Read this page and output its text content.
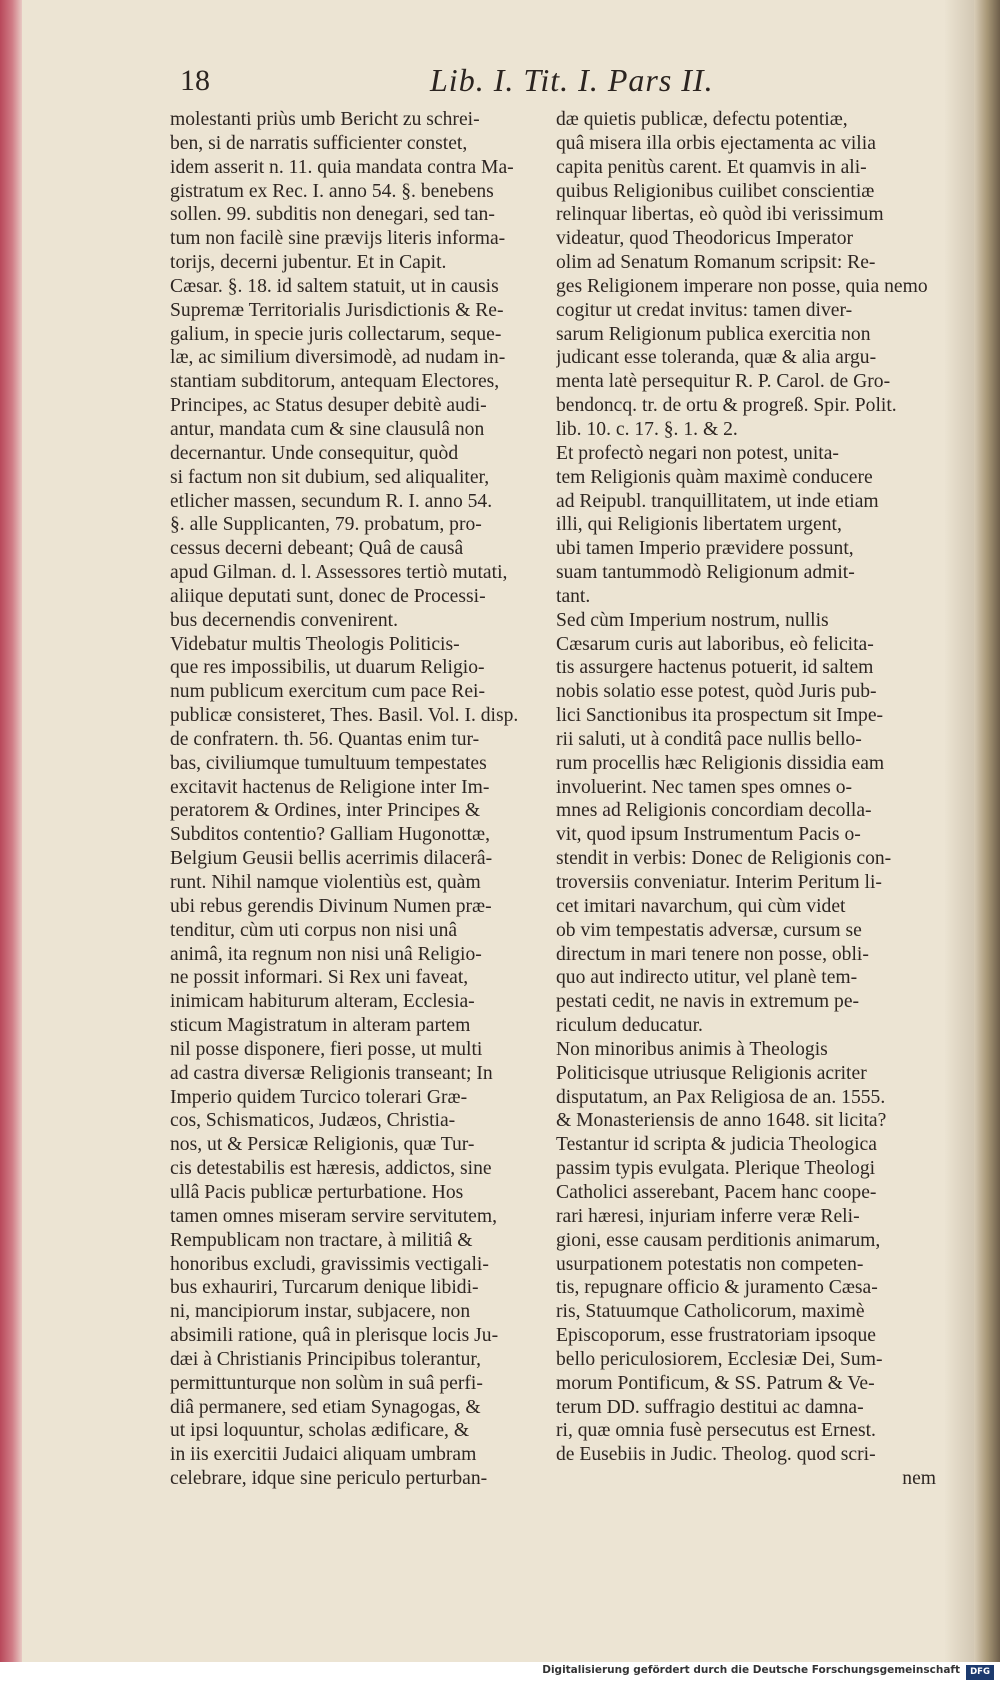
18	Lib. I. Tit. I. Pars II.
molestanti priùs umb Bericht zu schrei-
ben, si de narratis sufficienter constet,
idem asserit n. 11. quia mandata contra Ma-
gistratum ex Rec. I. anno 54. §. benebens
sollen. 99. subditis non denegari, sed tan-
tum non facilè sine prævijs literis informa-
torijs, decerni jubentur. Et in Capit.
Cæsar. §. 18. id saltem statuit, ut in causis
Supremæ Territorialis Jurisdictionis & Re-
galium, in specie juris collectarum, seque-
læ, ac similium diversimodè, ad nudam in-
stantiam subditorum, antequam Electores,
Principes, ac Status desuper debitè audi-
antur, mandata cum & sine clausulâ non
decernantur. Unde consequitur, quòd
si factum non sit dubium, sed aliqualiter,
etlicher massen, secundum R. I. anno 54.
§. alle Supplicanten, 79. probatum, pro-
cessus decerni debeant; Quâ de causâ
apud Gilman. d. l. Assessores tertiò mutati,
aliique deputati sunt, donec de Processi-
bus decernendis convenirent.
Videbatur multis Theologis Politicis-
que res impossibilis, ut duarum Religio-
num publicum exercitum cum pace Rei-
publicæ consisteret, Thes. Basil. Vol. I. disp.
de confratern. th. 56. Quantas enim tur-
bas, civiliumque tumultuum tempestates
excitavit hactenus de Religione inter Im-
peratorem & Ordines, inter Principes &
Subditos contentio? Galliam Hugonottæ,
Belgium Geusii bellis acerrimis dilacerâ-
runt. Nihil namque violentiùs est, quàm
ubi rebus gerendis Divinum Numen præ-
tenditur, cùm uti corpus non nisi unâ
animâ, ita regnum non nisi unâ Religio-
ne possit informari. Si Rex uni faveat,
inimicam habiturum alteram, Ecclesia-
sticum Magistratum in alteram partem
nil posse disponere, fieri posse, ut multi
ad castra diversæ Religionis transeant; In
Imperio quidem Turcico tolerari Græ-
cos, Schismaticos, Judæos, Christia-
nos, ut & Persicæ Religionis, quæ Tur-
cis detestabilis est hæresis, addictos, sine
ullâ Pacis publicæ perturbatione. Hos
tamen omnes miseram servire servitutem,
Rempublicam non tractare, à militiâ &
honoribus excludi, gravissimis vectigali-
bus exhauriri, Turcarum denique libidi-
ni, mancipiorum instar, subjacere, non
absimili ratione, quâ in plerisque locis Ju-
dæi à Christianis Principibus tolerantur,
permittunturque non solùm in suâ perfi-
diâ permanere, sed etiam Synagogas, &
ut ipsi loquuntur, scholas ædificare, &
in iis exercitii Judaici aliquam umbram
celebrare, idque sine periculo perturban-
dæ quietis publicæ, defectu potentiæ,
quâ misera illa orbis ejectamenta ac vilia
capita penitùs carent. Et quamvis in ali-
quibus Religionibus cuilibet conscientiæ
relinquar libertas, eò quòd ibi verissimum
videatur, quod Theodoricus Imperator
olim ad Senatum Romanum scripsit: Re-
ges Religionem imperare non posse, quia nemo
cogitur ut credat invitus: tamen diver-
sarum Religionum publica exercitia non
judicant esse toleranda, quæ & alia argu-
menta latè persequitur R. P. Carol. de Gro-
bendoncq. tr. de ortu & progreß. Spir. Polit.
lib. 10. c. 17. §. 1. & 2.
Et profectò negari non potest, unita-
tem Religionis quàm maximè conducere
ad Reipubl. tranquillitatem, ut inde etiam
illi, qui Religionis libertatem urgent,
ubi tamen Imperio prævidere possunt,
suam tantummodò Religionum admit-
tant.
Sed cùm Imperium nostrum, nullis
Cæsarum curis aut laboribus, eò felicita-
tis assurgere hactenus potuerit, id saltem
nobis solatio esse potest, quòd Juris pub-
lici Sanctionibus ita prospectum sit Impe-
rii saluti, ut à conditâ pace nullis bello-
rum procellis hæc Religionis dissidia eam
involuerint. Nec tamen spes omnes o-
mnes ad Religionis concordiam decolla-
vit, quod ipsum Instrumentum Pacis o-
stendit in verbis: Donec de Religionis con-
troversiis conveniatur. Interim Peritum li-
cet imitari navarchum, qui cùm videt
ob vim tempestatis adversæ, cursum se
directum in mari tenere non posse, obli-
quo aut indirecto utitur, vel planè tem-
pestati cedit, ne navis in extremum pe-
riculum deducatur.
Non minoribus animis à Theologis
Politicisque utriusque Religionis acriter
disputatum, an Pax Religiosa de an. 1555.
& Monasteriensis de anno 1648. sit licita?
Testantur id scripta & judicia Theologica
passim typis evulgata. Plerique Theologi
Catholici asserebant, Pacem hanc coope-
rari hæresi, injuriam inferre veræ Reli-
gioni, esse causam perditionis animarum,
usurpationem potestatis non competen-
tis, repugnare officio & juramento Cæsa-
ris, Statuumque Catholicorum, maximè
Episcoporum, esse frustratoriam ipsoque
bello periculosiorem, Ecclesiæ Dei, Sum-
morum Pontificum, & SS. Patrum & Ve-
terum DD. suffragio destitui ac damna-
ri, quæ omnia fusè persecutus est Ernest.
de Eusebiis in Judic. Theolog. quod scri-
nem
Digitalisierung gefördert durch die Deutsche Forschungsgemeinschaft	DFG
